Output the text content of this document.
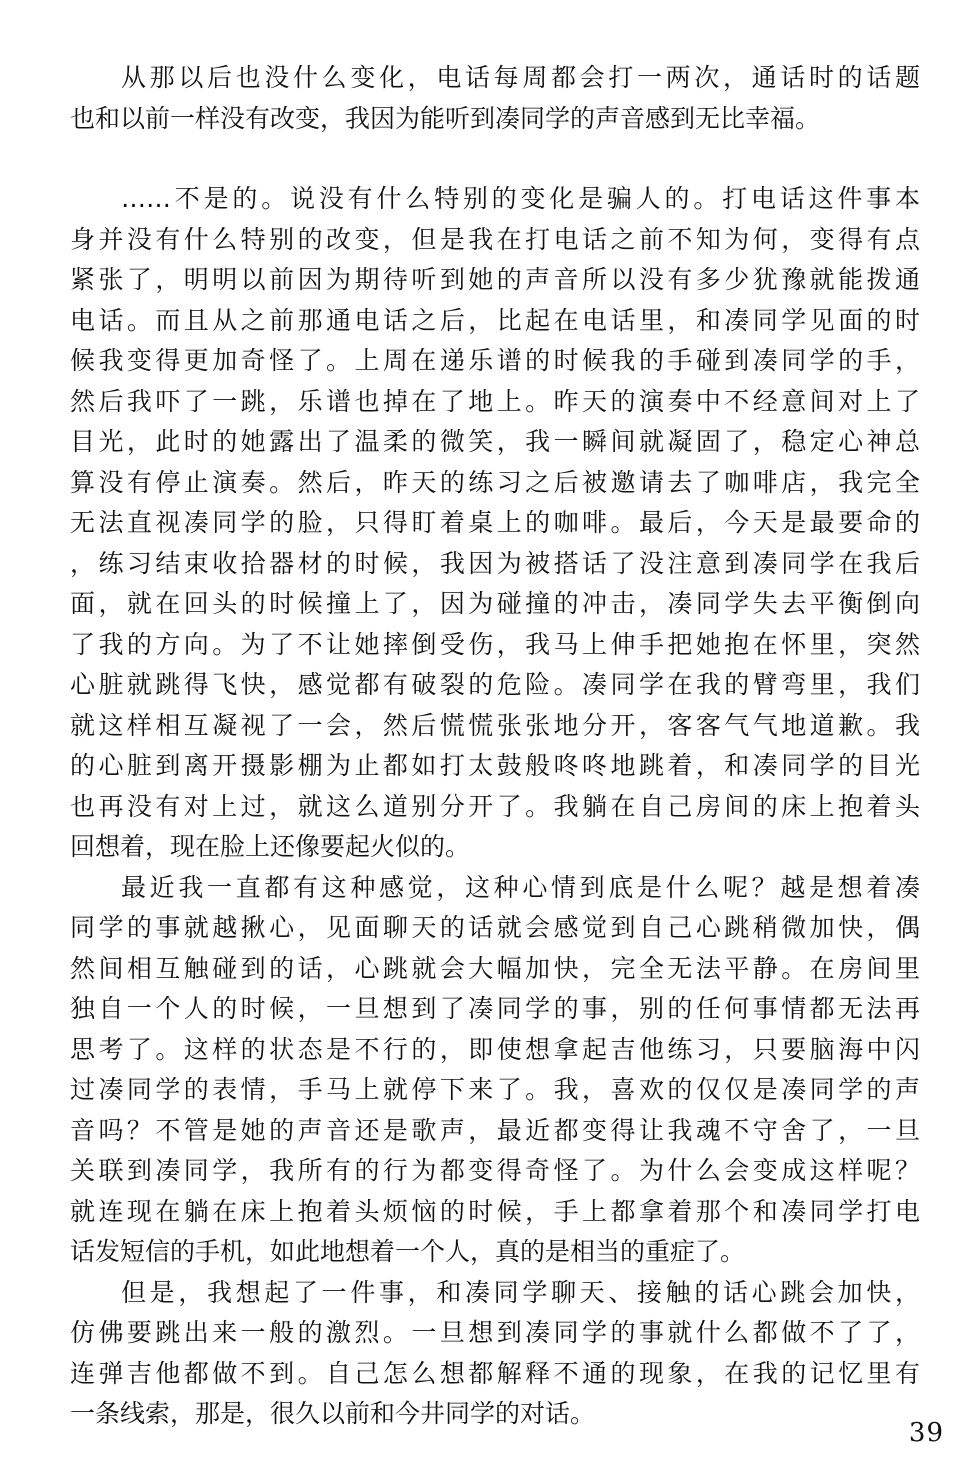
从那以后也没什么变化，电话每周都会打一两次，通话时的话题
也和以前一样没有改变，我因为能听到凑同学的声音感到无比幸福。
……不是的。说没有什么特别的变化是骗人的。打电话这件事本
身并没有什么特别的改变，但是我在打电话之前不知为何，变得有点
紧张了，明明以前因为期待听到她的声音所以没有多少犹豫就能拨通
电话。而且从之前那通电话之后，比起在电话里，和凑同学见面的时
候我变得更加奇怪了。上周在递乐谱的时候我的手碰到凑同学的手，
然后我吓了一跳，乐谱也掉在了地上。昨天的演奏中不经意间对上了
目光，此时的她露出了温柔的微笑，我一瞬间就凝固了，稳定心神总
算没有停止演奏。然后，昨天的练习之后被邀请去了咖啡店，我完全
无法直视凑同学的脸，只得盯着桌上的咖啡。最后，今天是最要命的
，练习结束收拾器材的时候，我因为被搭话了没注意到凑同学在我后
面，就在回头的时候撞上了，因为碰撞的冲击，凑同学失去平衡倒向
了我的方向。为了不让她摔倒受伤，我马上伸手把她抱在怀里，突然
心脏就跳得飞快，感觉都有破裂的危险。凑同学在我的臂弯里，我们
就这样相互凝视了一会，然后慌慌张张地分开，客客气气地道歉。我
的心脏到离开摄影棚为止都如打太鼓般咚咚地跳着，和凑同学的目光
也再没有对上过，就这么道别分开了。我躺在自己房间的床上抱着头
回想着，现在脸上还像要起火似的。
最近我一直都有这种感觉，这种心情到底是什么呢？越是想着凑
同学的事就越揪心，见面聊天的话就会感觉到自己心跳稍微加快，偶
然间相互触碰到的话，心跳就会大幅加快，完全无法平静。在房间里
独自一个人的时候，一旦想到了凑同学的事，别的任何事情都无法再
思考了。这样的状态是不行的，即使想拿起吉他练习，只要脑海中闪
过凑同学的表情，手马上就停下来了。我，喜欢的仅仅是凑同学的声
音吗？不管是她的声音还是歌声，最近都变得让我魂不守舍了，一旦
关联到凑同学，我所有的行为都变得奇怪了。为什么会变成这样呢？
就连现在躺在床上抱着头烦恼的时候，手上都拿着那个和凑同学打电
话发短信的手机，如此地想着一个人，真的是相当的重症了。
但是，我想起了一件事，和凑同学聊天、接触的话心跳会加快，
仿佛要跳出来一般的激烈。一旦想到凑同学的事就什么都做不了了，
连弹吉他都做不到。自己怎么想都解释不通的现象，在我的记忆里有
一条线索，那是，很久以前和今井同学的对话。
39
